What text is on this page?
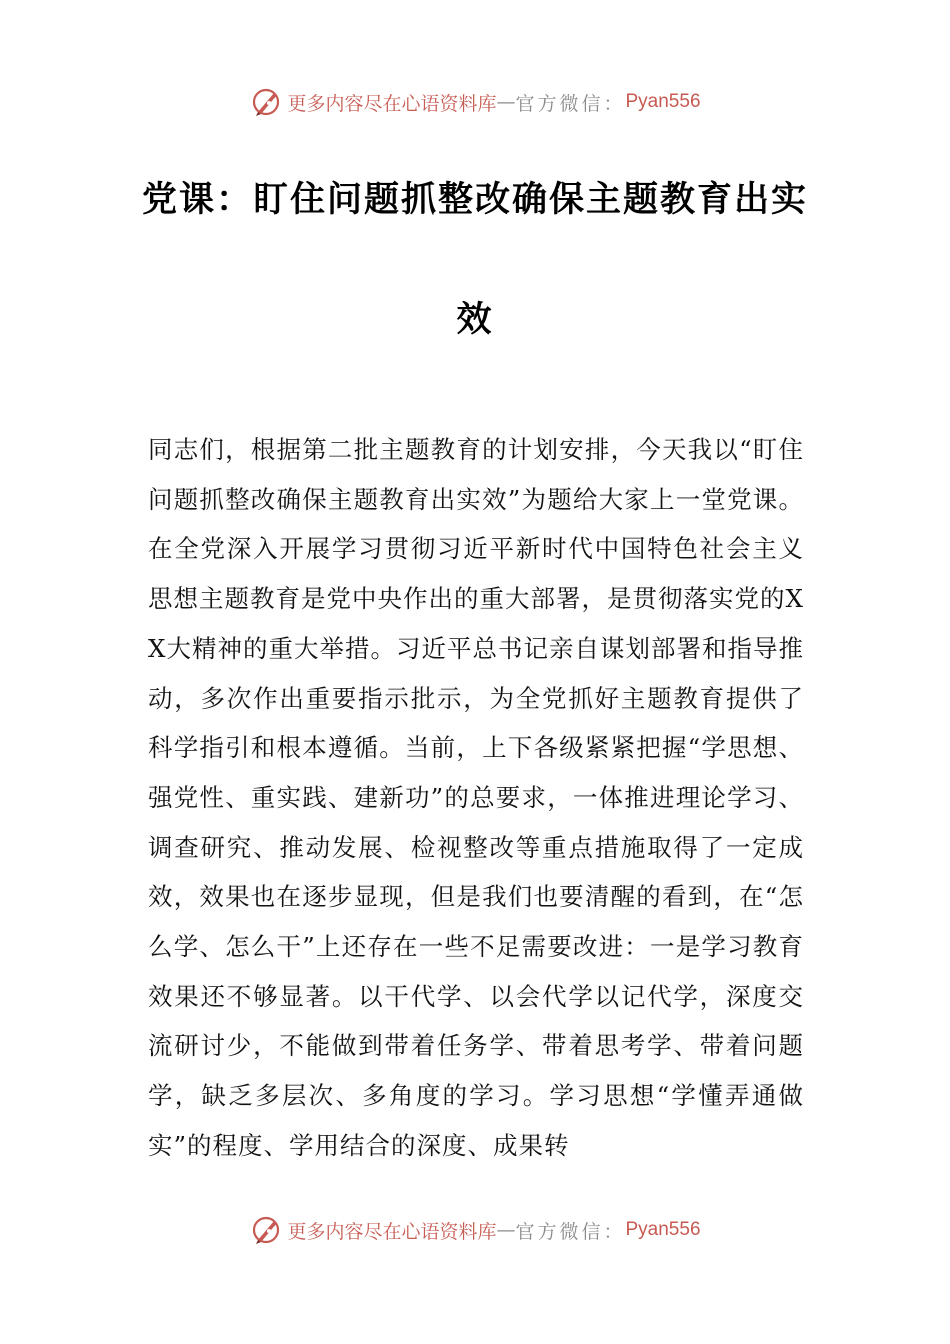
更多内容尽在心语资料库 — 官方微信： Pyan556
党课：盯住问题抓整改确保主题教育出实
效

同志们，根据第二批主题教育的计划安排，今天我以“盯住问题抓整改确保主题教育出实效”为题给大家上一堂党课。在全党深入开展学习贯彻习近平新时代中国特色社会主义思想主题教育是党中央作出的重大部署，是贯彻落实党的XX大精神的重大举措。习近平总书记亲自谋划部署和指导推动，多次作出重要指示批示，为全党抓好主题教育提供了科学指引和根本遵循。当前，上下各级紧紧把握“学思想、强党性、重实践、建新功”的总要求，一体推进理论学习、调查研究、推动发展、检视整改等重点措施取得了一定成效，效果也在逐步显现，但是我们也要清醒的看到，在“怎么学、怎么干”上还存在一些不足需要改进：一是学习教育效果还不够显著。以干代学、以会代学以记代学，深度交流研讨少，不能做到带着任务学、带着思考学、带着问题学，缺乏多层次、多角度的学习。学习思想“学懂弄通做实”的程度、学用结合的深度、成果转

更多内容尽在心语资料库 — 官方微信： Pyan556
